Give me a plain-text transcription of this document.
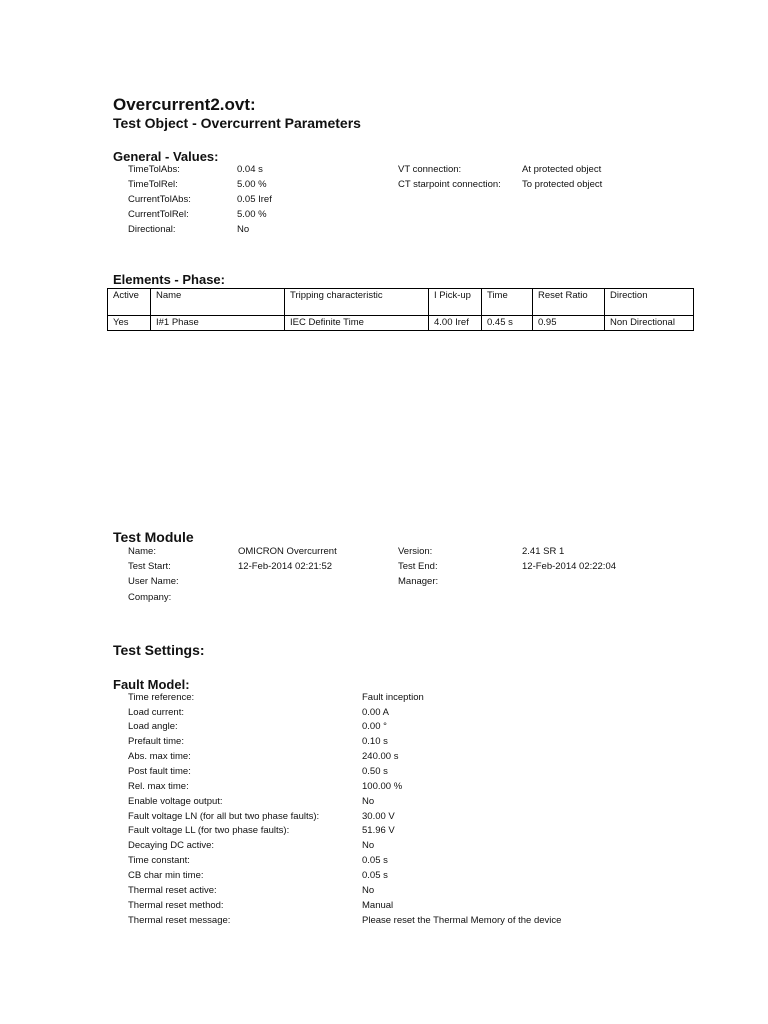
Overcurrent2.ovt:
Test Object - Overcurrent Parameters
General - Values:
TimeTolAbs:	0.04 s
TimeTolRel:	5.00 %
CurrentTolAbs:	0.05 Iref
CurrentTolRel:	5.00 %
Directional:	No
VT connection:	At protected object
CT starpoint connection: To protected object
Elements - Phase:
Active	Name	Tripping characteristic	I Pick-up	Time	Reset Ratio	Direction
Yes	I#1 Phase	IEC Definite Time	4.00 Iref	0.45 s	0.95	Non Directional
Test Module
Name:	OMICRON Overcurrent
Test Start:	12-Feb-2014 02:21:52
User Name:
Company:
Version:	2.41 SR 1
Test End:	12-Feb-2014 02:22:04
Manager:
Test Settings:
Fault Model:
Time reference:	Fault inception
Load current:	0.00 A
Load angle:	0.00 °
Prefault time:	0.10 s
Abs. max time:	240.00 s
Post fault time:	0.50 s
Rel. max time:	100.00 %
Enable voltage output:	No
Fault voltage LN (for all but two phase faults):	30.00 V
Fault voltage LL (for two phase faults):	51.96 V
Decaying DC active:	No
Time constant:	0.05 s
CB char min time:	0.05 s
Thermal reset active:	No
Thermal reset method:	Manual
Thermal reset message:	Please reset the Thermal Memory of the device
